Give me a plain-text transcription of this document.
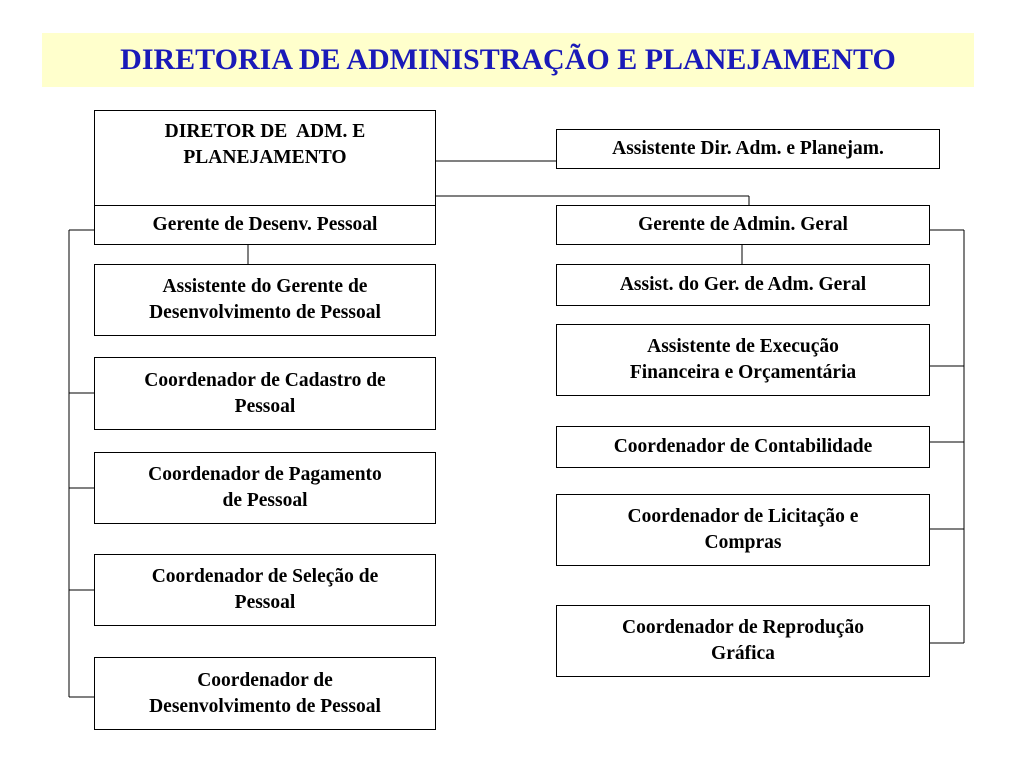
DIRETORIA DE ADMINISTRAÇÃO E PLANEJAMENTO
DIRETOR DE  ADM. E
PLANEJAMENTO	Assistente Dir. Adm. e Planejam.
Gerente de Desenv. Pessoal
Assistente do Gerente de
Desenvolvimento de Pessoal
Coordenador de Cadastro de
Pessoal
Coordenador de Pagamento
de Pessoal
Coordenador de Seleção de
Pessoal
Coordenador de
Desenvolvimento de Pessoal
Gerente de Admin. Geral
Assist. do Ger. de Adm. Geral
Assistente de Execução
Financeira e Orçamentária
Coordenador de Contabilidade
Coordenador de Licitação e
Compras
Coordenador de Reprodução
Gráfica
